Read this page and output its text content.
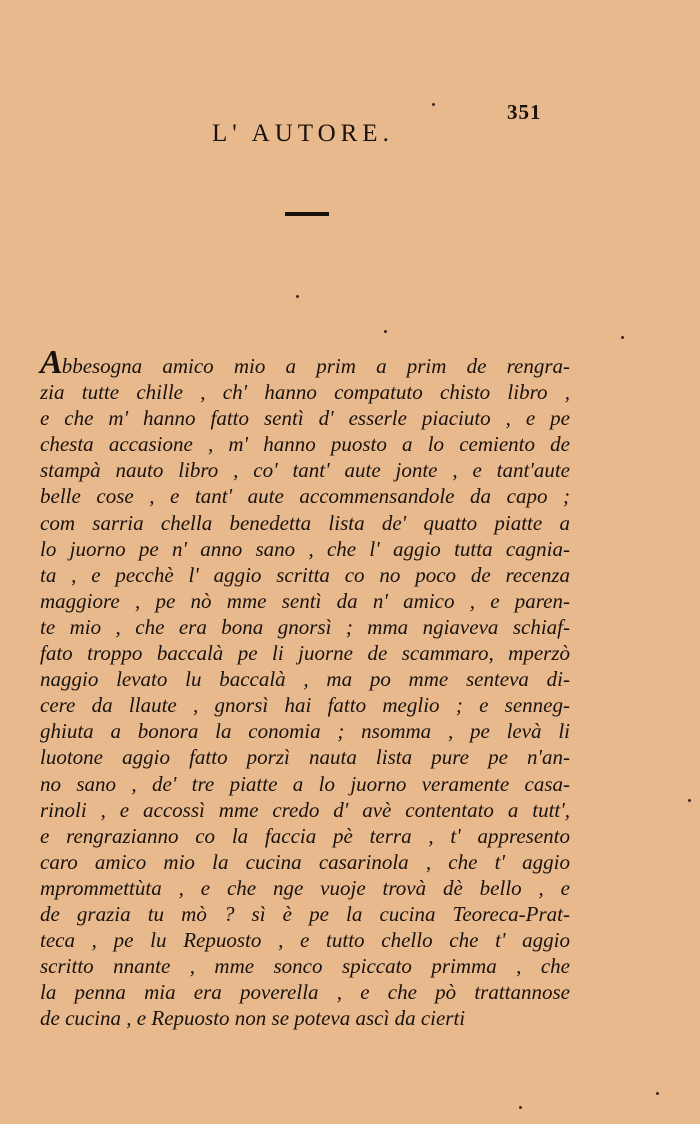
351
L' AUTORE.
Abbesogna amico mio a prim a prim de rengra-
zia tutte chille , ch' hanno compatuto chisto libro ,
e che m' hanno fatto sentì d' esserle piaciuto , e pe
chesta accasione , m' hanno puosto a lo cemiento de
stampà nauto libro , co' tant' aute jonte , e tant'aute
belle cose , e tant' aute accommensandole da capo ;
com sarria chella benedetta lista de' quatto piatte a
lo juorno pe n' anno sano , che l' aggio tutta cagnia-
ta , e pecchè l' aggio scritta co no poco de recenza
maggiore , pe nò mme sentì da n' amico , e paren-
te mio , che era bona gnorsì ; mma ngiaveva schiaf-
fato troppo baccalà pe li juorne de scammaro, mperzò
naggio levato lu baccalà , ma po mme senteva di-
cere da llaute , gnorsì hai fatto meglio ; e senneg-
ghiuta a bonora la conomia ; nsomma , pe levà li
luotone aggio fatto porzì nauta lista pure pe n'an-
no sano , de' tre piatte a lo juorno veramente casa-
rinoli , e accossì mme credo d' avè contentato a tutt',
e rengrazianno co la faccia pè terra , t' appresento
caro amico mio la cucina casarinola , che t' aggio
mprommettùta , e che nge vuoje trovà dè bello , e
de grazia tu mò ? sì è pe la cucina Teoreca-Prat-
teca , pe lu Repuosto , e tutto chello che t' aggio
scritto nnante , mme sonco spiccato primma , che
la penna mia era poverella , e che pò trattannose
de cucina , e Repuosto non se poteva ascì da cierti
